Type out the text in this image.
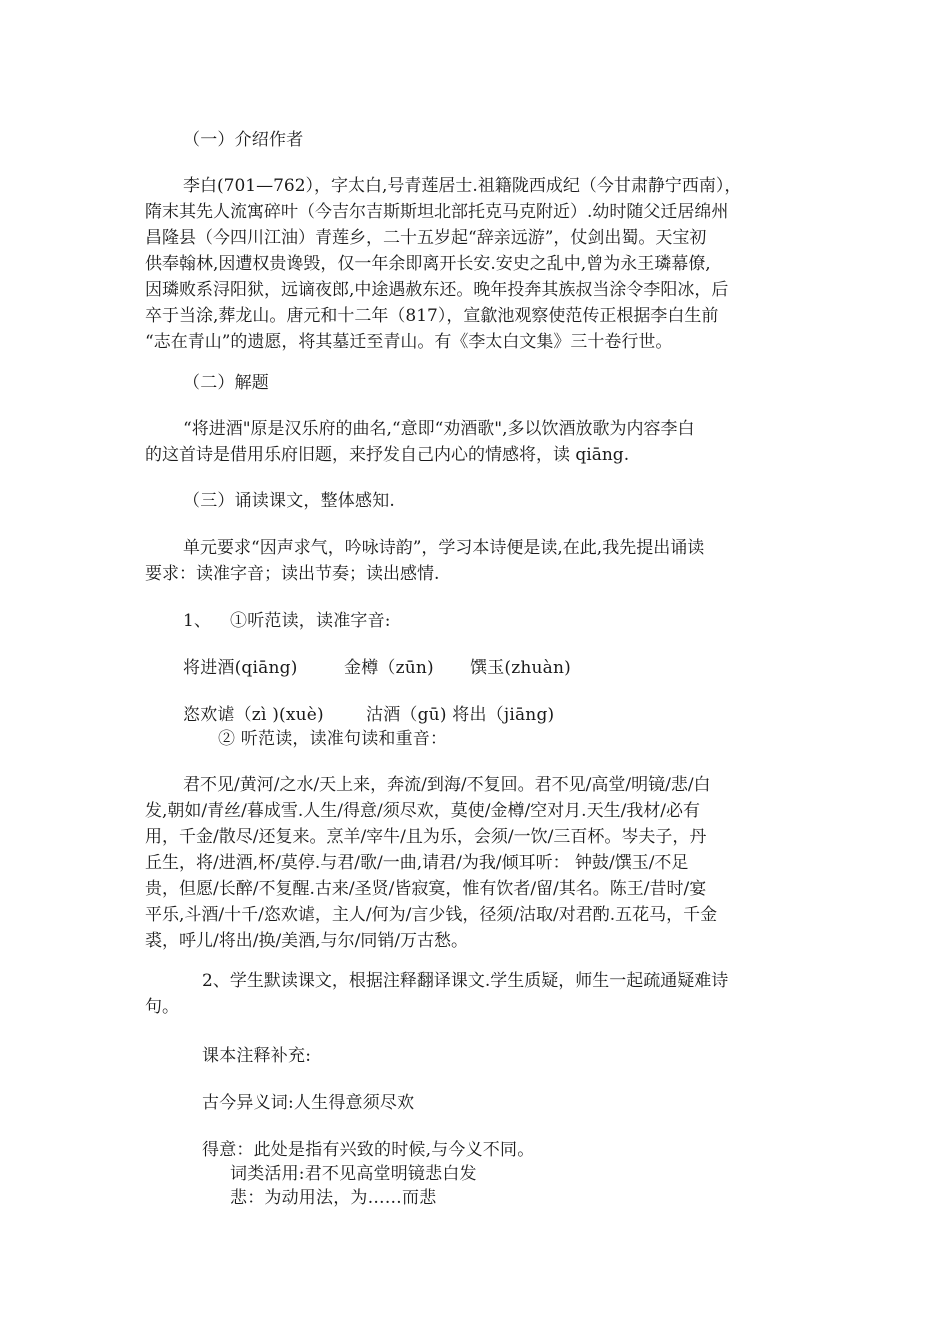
（一）介绍作者
李白(701—762），字太白,号青莲居士.祖籍陇西成纪（今甘肃静宁西南），
隋末其先人流寓碎叶（今吉尔吉斯斯坦北部托克马克附近）.幼时随父迁居绵州
昌隆县（今四川江油）青莲乡，二十五岁起“辞亲远游”，仗剑出蜀。天宝初
供奉翰林,因遭权贵谗毁，仅一年余即离开长安.安史之乱中,曾为永王璘幕僚,
因璘败系浔阳狱，远谪夜郎,中途遇赦东还。晚年投奔其族叔当涂令李阳冰，后
卒于当涂,葬龙山。唐元和十二年（817），宣歙池观察使范传正根据李白生前
“志在青山”的遗愿，将其墓迁至青山。有《李太白文集》三十卷行世。
（二）解题
“将进酒"原是汉乐府的曲名,“意即“劝酒歌",多以饮酒放歌为内容李白
的这首诗是借用乐府旧题，来抒发自己内心的情感将，读 qiāng.
（三）诵读课文，整体感知.
单元要求“因声求气，吟咏诗韵”，学习本诗便是读,在此,我先提出诵读
要求：读准字音；读出节奏；读出感情.
1、 ①听范读，读准字音:
将进酒(qiāng)	金樽（zūn) 馔玉(zhuàn)
恣欢谑（zì )(xuè) 沽酒（gū) 将出（jiāng)
② 听范读，读准句读和重音：
君不见/黄河/之水/天上来，奔流/到海/不复回。君不见/高堂/明镜/悲/白
发,朝如/青丝/暮成雪.人生/得意/须尽欢，莫使/金樽/空对月.天生/我材/必有
用，千金/散尽/还复来。烹羊/宰牛/且为乐，会须/一饮/三百杯。岑夫子，丹
丘生，将/进酒,杯/莫停.与君/歌/一曲,请君/为我/倾耳听： 钟鼓/馔玉/不足
贵，但愿/长醉/不复醒.古来/圣贤/皆寂寞，惟有饮者/留/其名。陈王/昔时/宴
平乐,斗酒/十千/恣欢谑，主人/何为/言少钱，径须/沽取/对君酌.五花马，千金
裘，呼儿/将出/换/美酒,与尔/同销/万古愁。
2、学生默读课文，根据注释翻译课文.学生质疑，师生一起疏通疑难诗
句。
课本注释补充:
古今异义词:人生得意须尽欢
得意：此处是指有兴致的时候,与今义不同。
词类活用:君不见高堂明镜悲白发
悲：为动用法，为……而悲
